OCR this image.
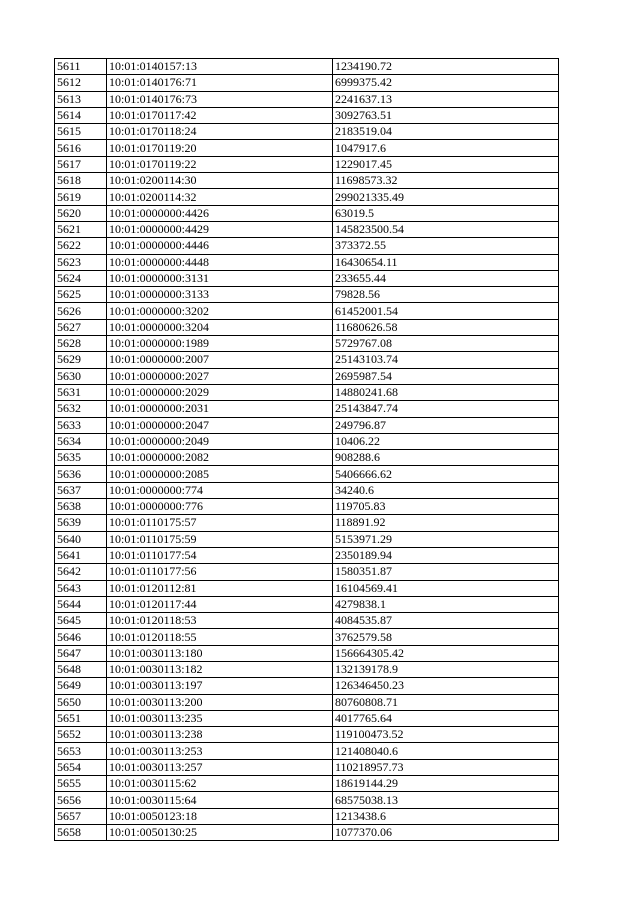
5611	10:01:0140157:13	1234190.72
5612	10:01:0140176:71	6999375.42
5613	10:01:0140176:73	2241637.13
5614	10:01:0170117:42	3092763.51
5615	10:01:0170118:24	2183519.04
5616	10:01:0170119:20	1047917.6
5617	10:01:0170119:22	1229017.45
5618	10:01:0200114:30	11698573.32
5619	10:01:0200114:32	299021335.49
5620	10:01:0000000:4426	63019.5
5621	10:01:0000000:4429	145823500.54
5622	10:01:0000000:4446	373372.55
5623	10:01:0000000:4448	16430654.11
5624	10:01:0000000:3131	233655.44
5625	10:01:0000000:3133	79828.56
5626	10:01:0000000:3202	61452001.54
5627	10:01:0000000:3204	11680626.58
5628	10:01:0000000:1989	5729767.08
5629	10:01:0000000:2007	25143103.74
5630	10:01:0000000:2027	2695987.54
5631	10:01:0000000:2029	14880241.68
5632	10:01:0000000:2031	25143847.74
5633	10:01:0000000:2047	249796.87
5634	10:01:0000000:2049	10406.22
5635	10:01:0000000:2082	908288.6
5636	10:01:0000000:2085	5406666.62
5637	10:01:0000000:774	34240.6
5638	10:01:0000000:776	119705.83
5639	10:01:0110175:57	118891.92
5640	10:01:0110175:59	5153971.29
5641	10:01:0110177:54	2350189.94
5642	10:01:0110177:56	1580351.87
5643	10:01:0120112:81	16104569.41
5644	10:01:0120117:44	4279838.1
5645	10:01:0120118:53	4084535.87
5646	10:01:0120118:55	3762579.58
5647	10:01:0030113:180	156664305.42
5648	10:01:0030113:182	132139178.9
5649	10:01:0030113:197	126346450.23
5650	10:01:0030113:200	80760808.71
5651	10:01:0030113:235	4017765.64
5652	10:01:0030113:238	119100473.52
5653	10:01:0030113:253	121408040.6
5654	10:01:0030113:257	110218957.73
5655	10:01:0030115:62	18619144.29
5656	10:01:0030115:64	68575038.13
5657	10:01:0050123:18	1213438.6
5658	10:01:0050130:25	1077370.06
